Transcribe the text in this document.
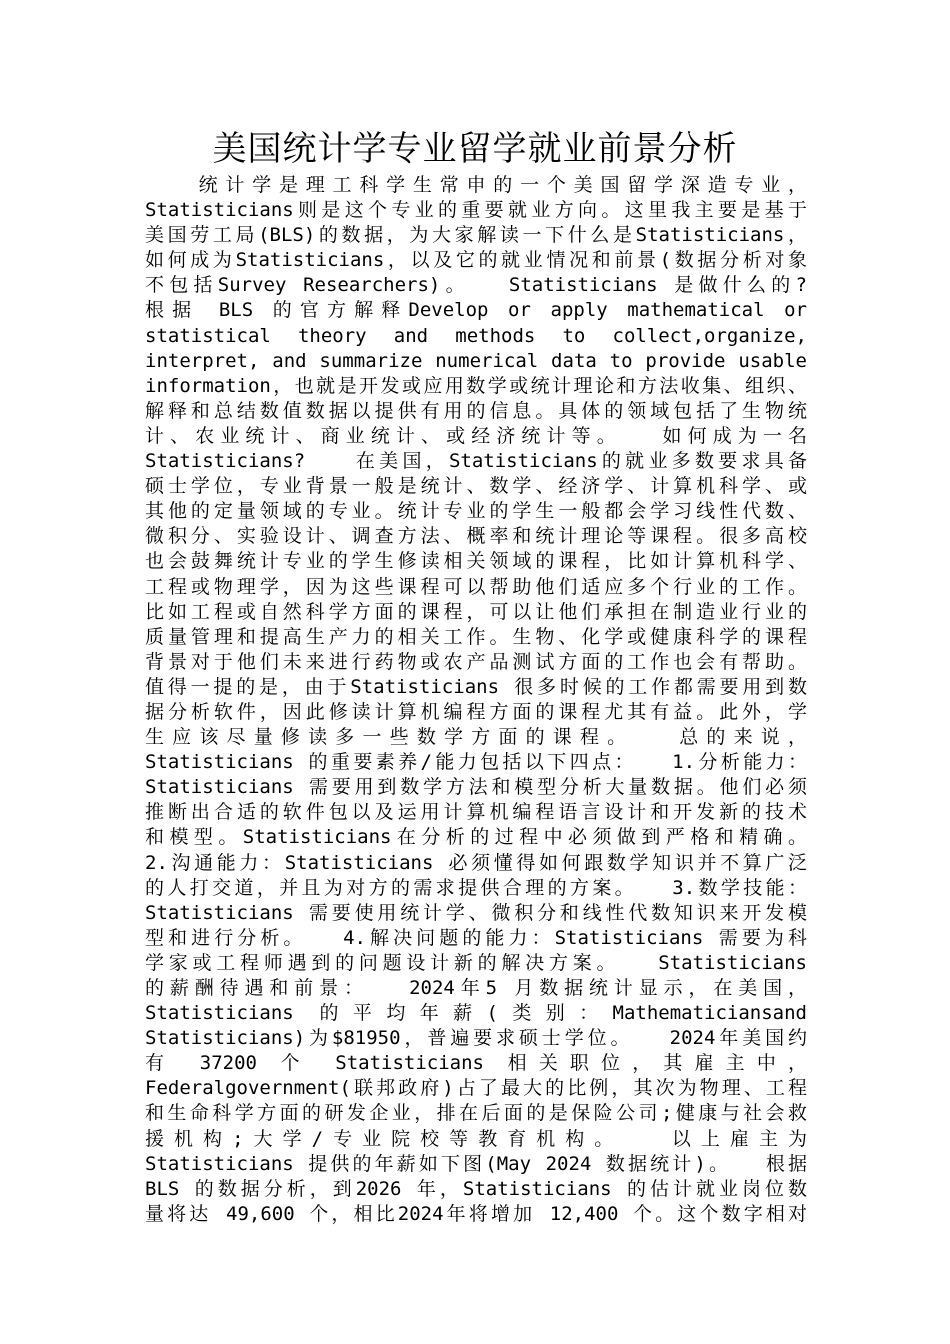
美国统计学专业留学就业前景分析
　　统计学是理工科学生常申的一个美国留学深造专业，
Statisticians则是这个专业的重要就业方向。这里我主要是基于
美国劳工局(BLS)的数据，为大家解读一下什么是Statisticians，
如何成为Statisticians，以及它的就业情况和前景(数据分析对象
不包括Survey Researchers)。　　Statisticians 是做什么的?
根据 BLS 的官方解释Develop or apply mathematical or
statistical theory and methods to collect,organize,
interpret, and summarize numerical data to provide usable
information，也就是开发或应用数学或统计理论和方法收集、组织、
解释和总结数值数据以提供有用的信息。具体的领域包括了生物统
计、农业统计、商业统计、或经济统计等。　　如何成为一名
Statisticians?　　在美国，Statisticians的就业多数要求具备
硕士学位，专业背景一般是统计、数学、经济学、计算机科学、或
其他的定量领域的专业。统计专业的学生一般都会学习线性代数、
微积分、实验设计、调查方法、概率和统计理论等课程。很多高校
也会鼓舞统计专业的学生修读相关领域的课程，比如计算机科学、
工程或物理学，因为这些课程可以帮助他们适应多个行业的工作。
比如工程或自然科学方面的课程，可以让他们承担在制造业行业的
质量管理和提高生产力的相关工作。生物、化学或健康科学的课程
背景对于他们未来进行药物或农产品测试方面的工作也会有帮助。
值得一提的是，由于Statisticians 很多时候的工作都需要用到数
据分析软件，因此修读计算机编程方面的课程尤其有益。此外，学
生应该尽量修读多一些数学方面的课程。　　总的来说，
Statisticians 的重要素养/能力包括以下四点：　　1.分析能力：
Statisticians 需要用到数学方法和模型分析大量数据。他们必须
推断出合适的软件包以及运用计算机编程语言设计和开发新的技术
和模型。Statisticians在分析的过程中必须做到严格和精确。
2.沟通能力：Statisticians 必须懂得如何跟数学知识并不算广泛
的人打交道，并且为对方的需求提供合理的方案。　　3.数学技能：
Statisticians 需要使用统计学、微积分和线性代数知识来开发模
型和进行分析。　　4.解决问题的能力：Statisticians 需要为科
学家或工程师遇到的问题设计新的解决方案。　　Statisticians
的薪酬待遇和前景：　　2024年5 月数据统计显示，在美国，
Statisticians 的平均年薪(类别：Mathematiciansand
Statisticians)为$81950，普遍要求硕士学位。　　2024年美国约
有 37200 个 Statisticians 相关职位，其雇主中，
Federalgovernment(联邦政府)占了最大的比例，其次为物理、工程
和生命科学方面的研发企业，排在后面的是保险公司;健康与社会救
援机构;大学/专业院校等教育机构。　　以上雇主为
Statisticians 提供的年薪如下图(May 2024 数据统计)。　　根据
BLS 的数据分析，到2026 年，Statisticians 的估计就业岗位数
量将达 49,600 个，相比2024年将增加 12,400 个。这个数字相对
